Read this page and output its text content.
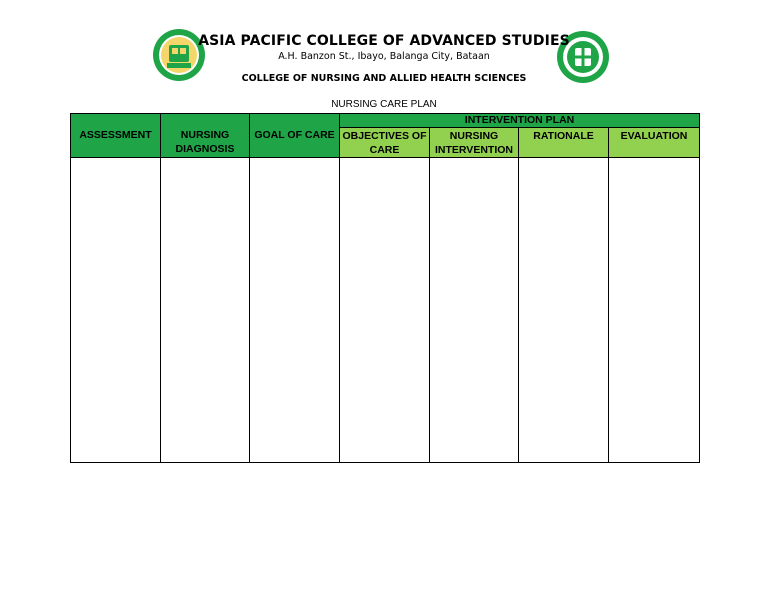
ASIA PACIFIC COLLEGE OF ADVANCED STUDIES
A.H. Banzon St., Ibayo, Balanga City, Bataan
COLLEGE OF NURSING AND ALLIED HEALTH SCIENCES
NURSING CARE PLAN
ASSESSMENT	NURSING DIAGNOSIS	GOAL OF CARE	INTERVENTION PLAN			
			OBJECTIVES OF CARE	NURSING INTERVENTION	RATIONALE	EVALUATION
